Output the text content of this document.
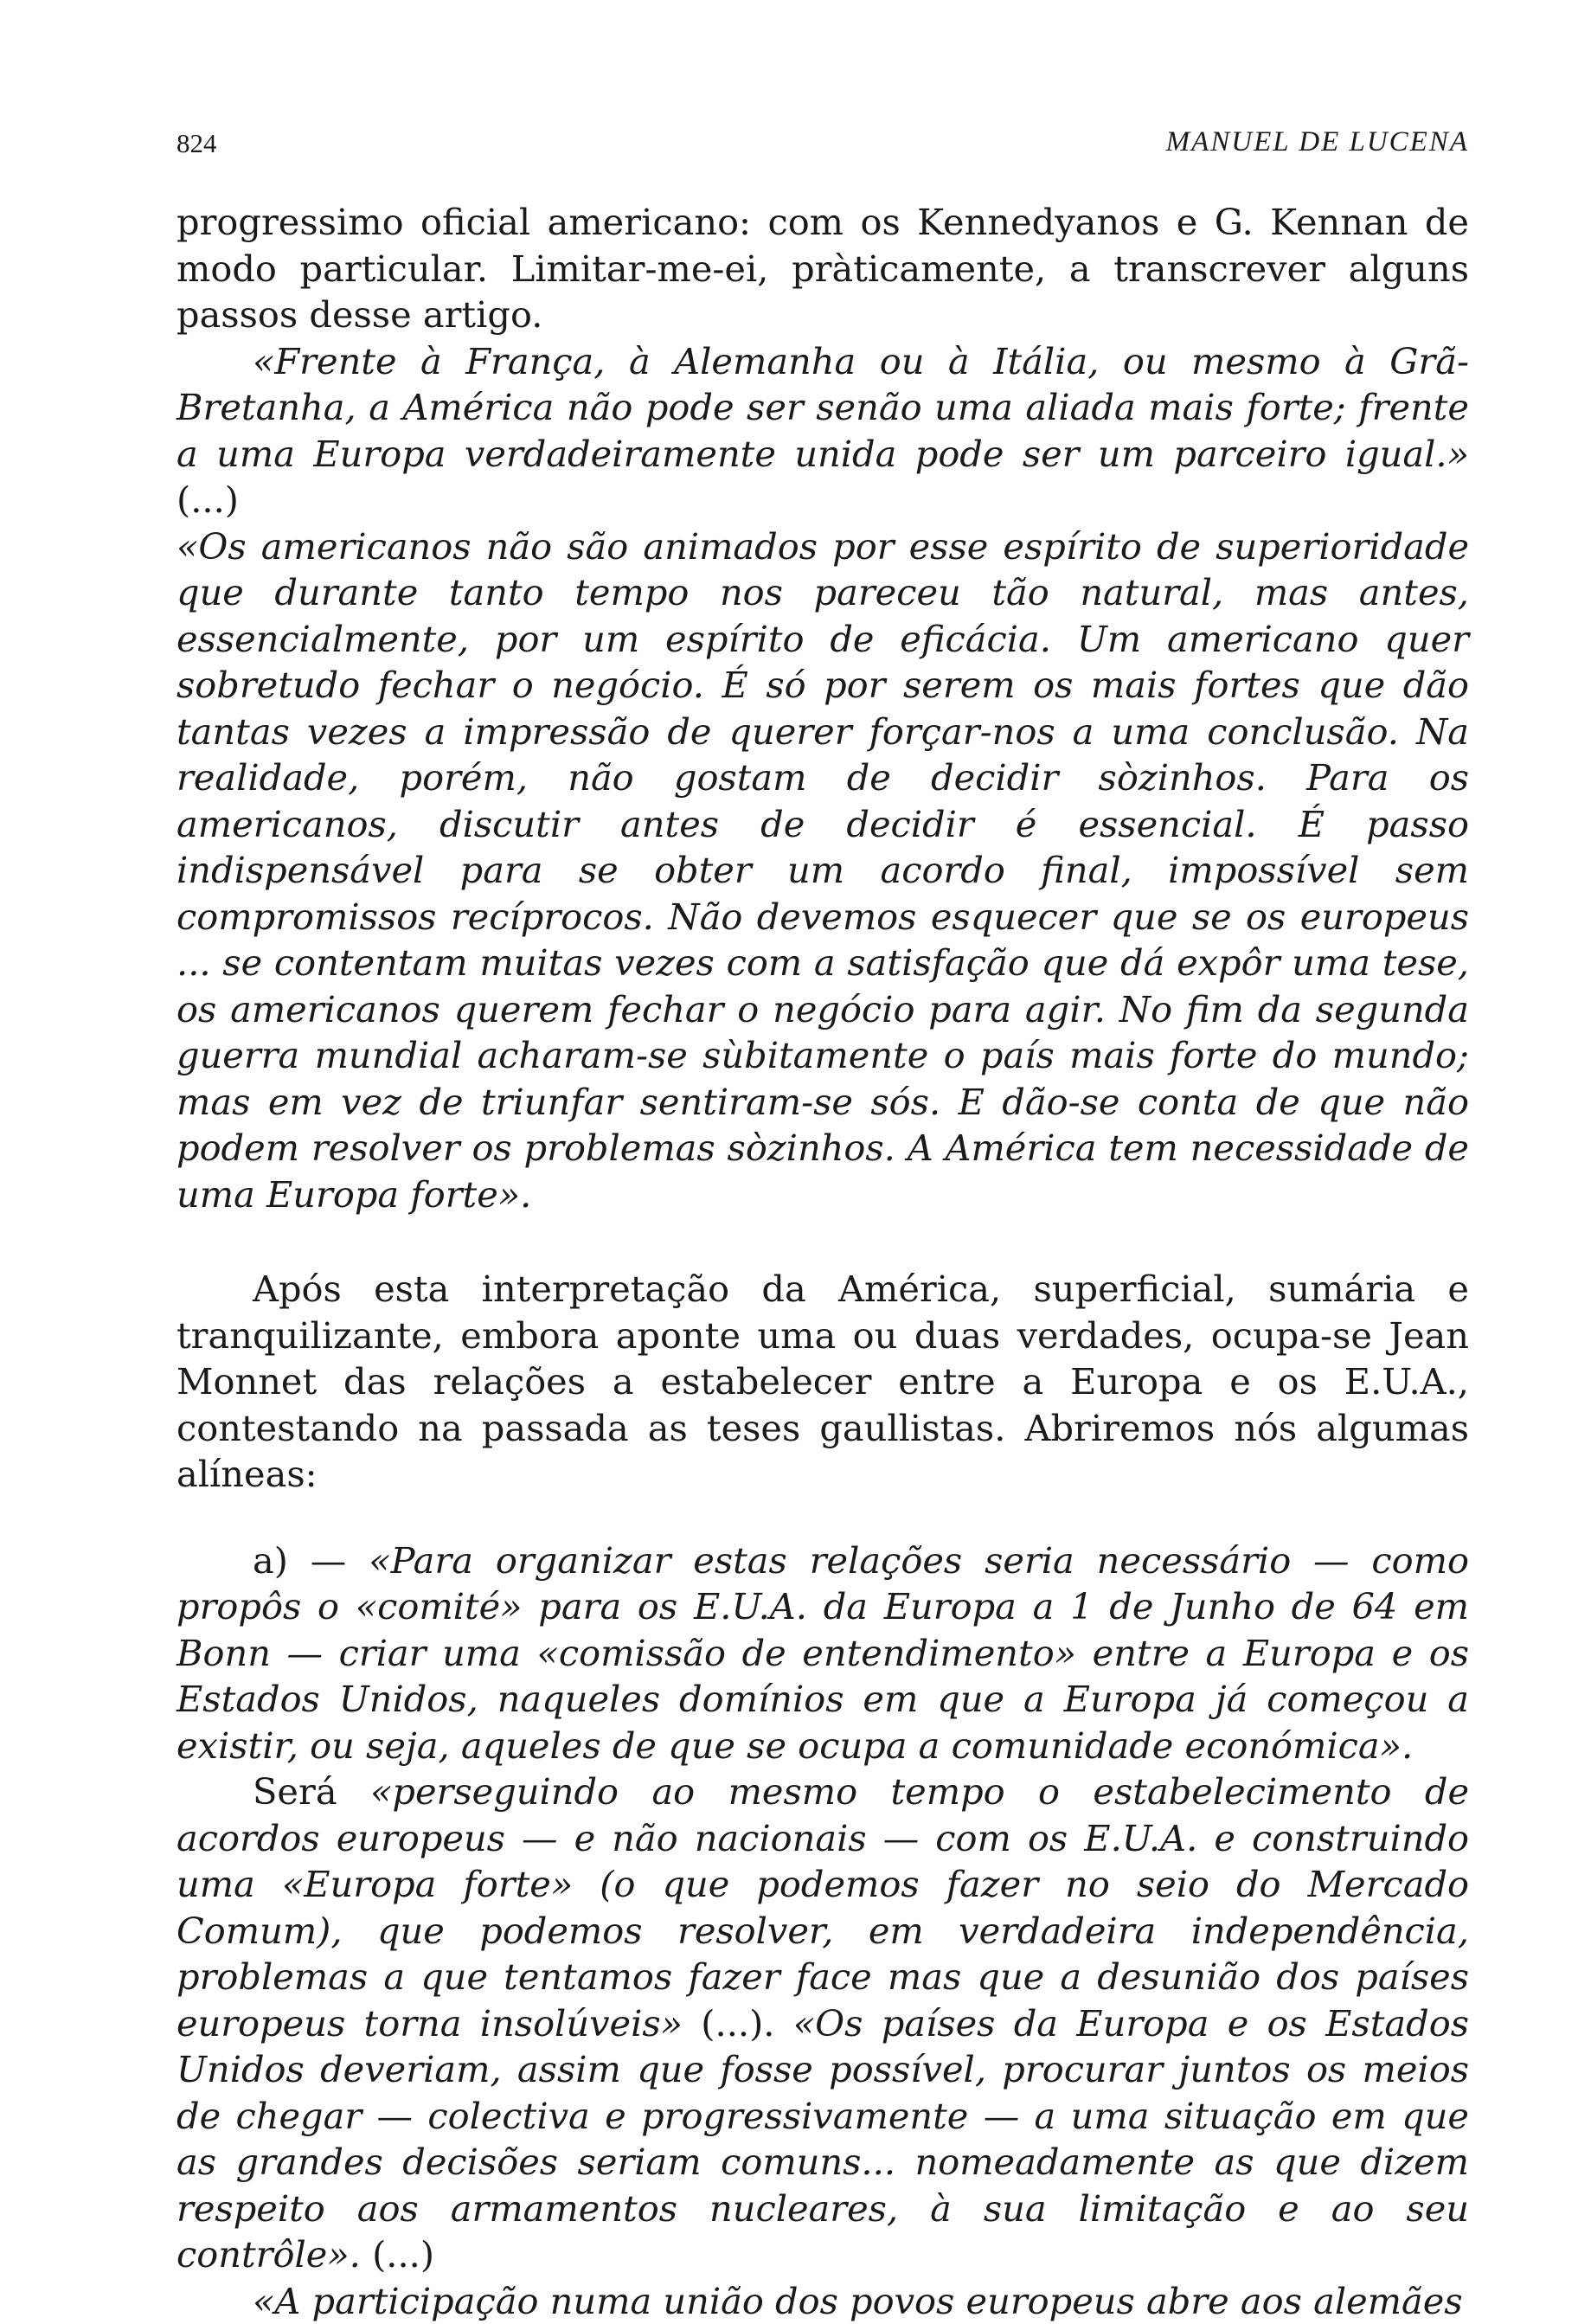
824	MANUEL DE LUCENA

progressimo oficial americano: com os Kennedyanos e G. Kennan de modo particular. Limitar-me-ei, pràticamente, a transcrever alguns passos desse artigo.

«Frente à França, à Alemanha ou à Itália, ou mesmo à Grã-Bretanha, a América não pode ser senão uma aliada mais forte; frente a uma Europa verdadeiramente unida pode ser um parceiro igual.» (...)

«Os americanos não são animados por esse espírito de superioridade que durante tanto tempo nos pareceu tão natural, mas antes, essencialmente, por um espírito de eficácia. Um americano quer sobretudo fechar o negócio. É só por serem os mais fortes que dão tantas vezes a impressão de querer forçar-nos a uma conclusão. Na realidade, porém, não gostam de decidir sòzinhos. Para os americanos, discutir antes de decidir é essencial. É passo indispensável para se obter um acordo final, impossível sem compromissos recíprocos. Não devemos esquecer que se os europeus ... se contentam muitas vezes com a satisfação que dá expôr uma tese, os americanos querem fechar o negócio para agir. No fim da segunda guerra mundial acharam-se sùbitamente o país mais forte do mundo; mas em vez de triunfar sentiram-se sós. E dão-se conta de que não podem resolver os problemas sòzinhos. A América tem necessidade de uma Europa forte».

Após esta interpretação da América, superficial, sumária e tranquilizante, embora aponte uma ou duas verdades, ocupa-se Jean Monnet das relações a estabelecer entre a Europa e os E.U.A., contestando na passada as teses gaullistas. Abriremos nós algumas alíneas:

a) — «Para organizar estas relações seria necessário — como propôs o «comité» para os E.U.A. da Europa a 1 de Junho de 64 em Bonn — criar uma «comissão de entendimento» entre a Europa e os Estados Unidos, naqueles domínios em que a Europa já começou a existir, ou seja, aqueles de que se ocupa a comunidade económica».

Será «perseguindo ao mesmo tempo o estabelecimento de acordos europeus — e não nacionais — com os E.U.A. e construindo uma «Europa forte» (o que podemos fazer no seio do Mercado Comum), que podemos resolver, em verdadeira independência, problemas a que tentamos fazer face mas que a desunião dos países europeus torna insolúveis» (...). «Os países da Europa e os Estados Unidos deveriam, assim que fosse possível, procurar juntos os meios de chegar — colectiva e progressivamente — a uma situação em que as grandes decisões seriam comuns... nomeadamente as que dizem respeito aos armamentos nucleares, à sua limitação e ao seu contrôle». (...)

«A participação numa união dos povos europeus abre aos alemães
